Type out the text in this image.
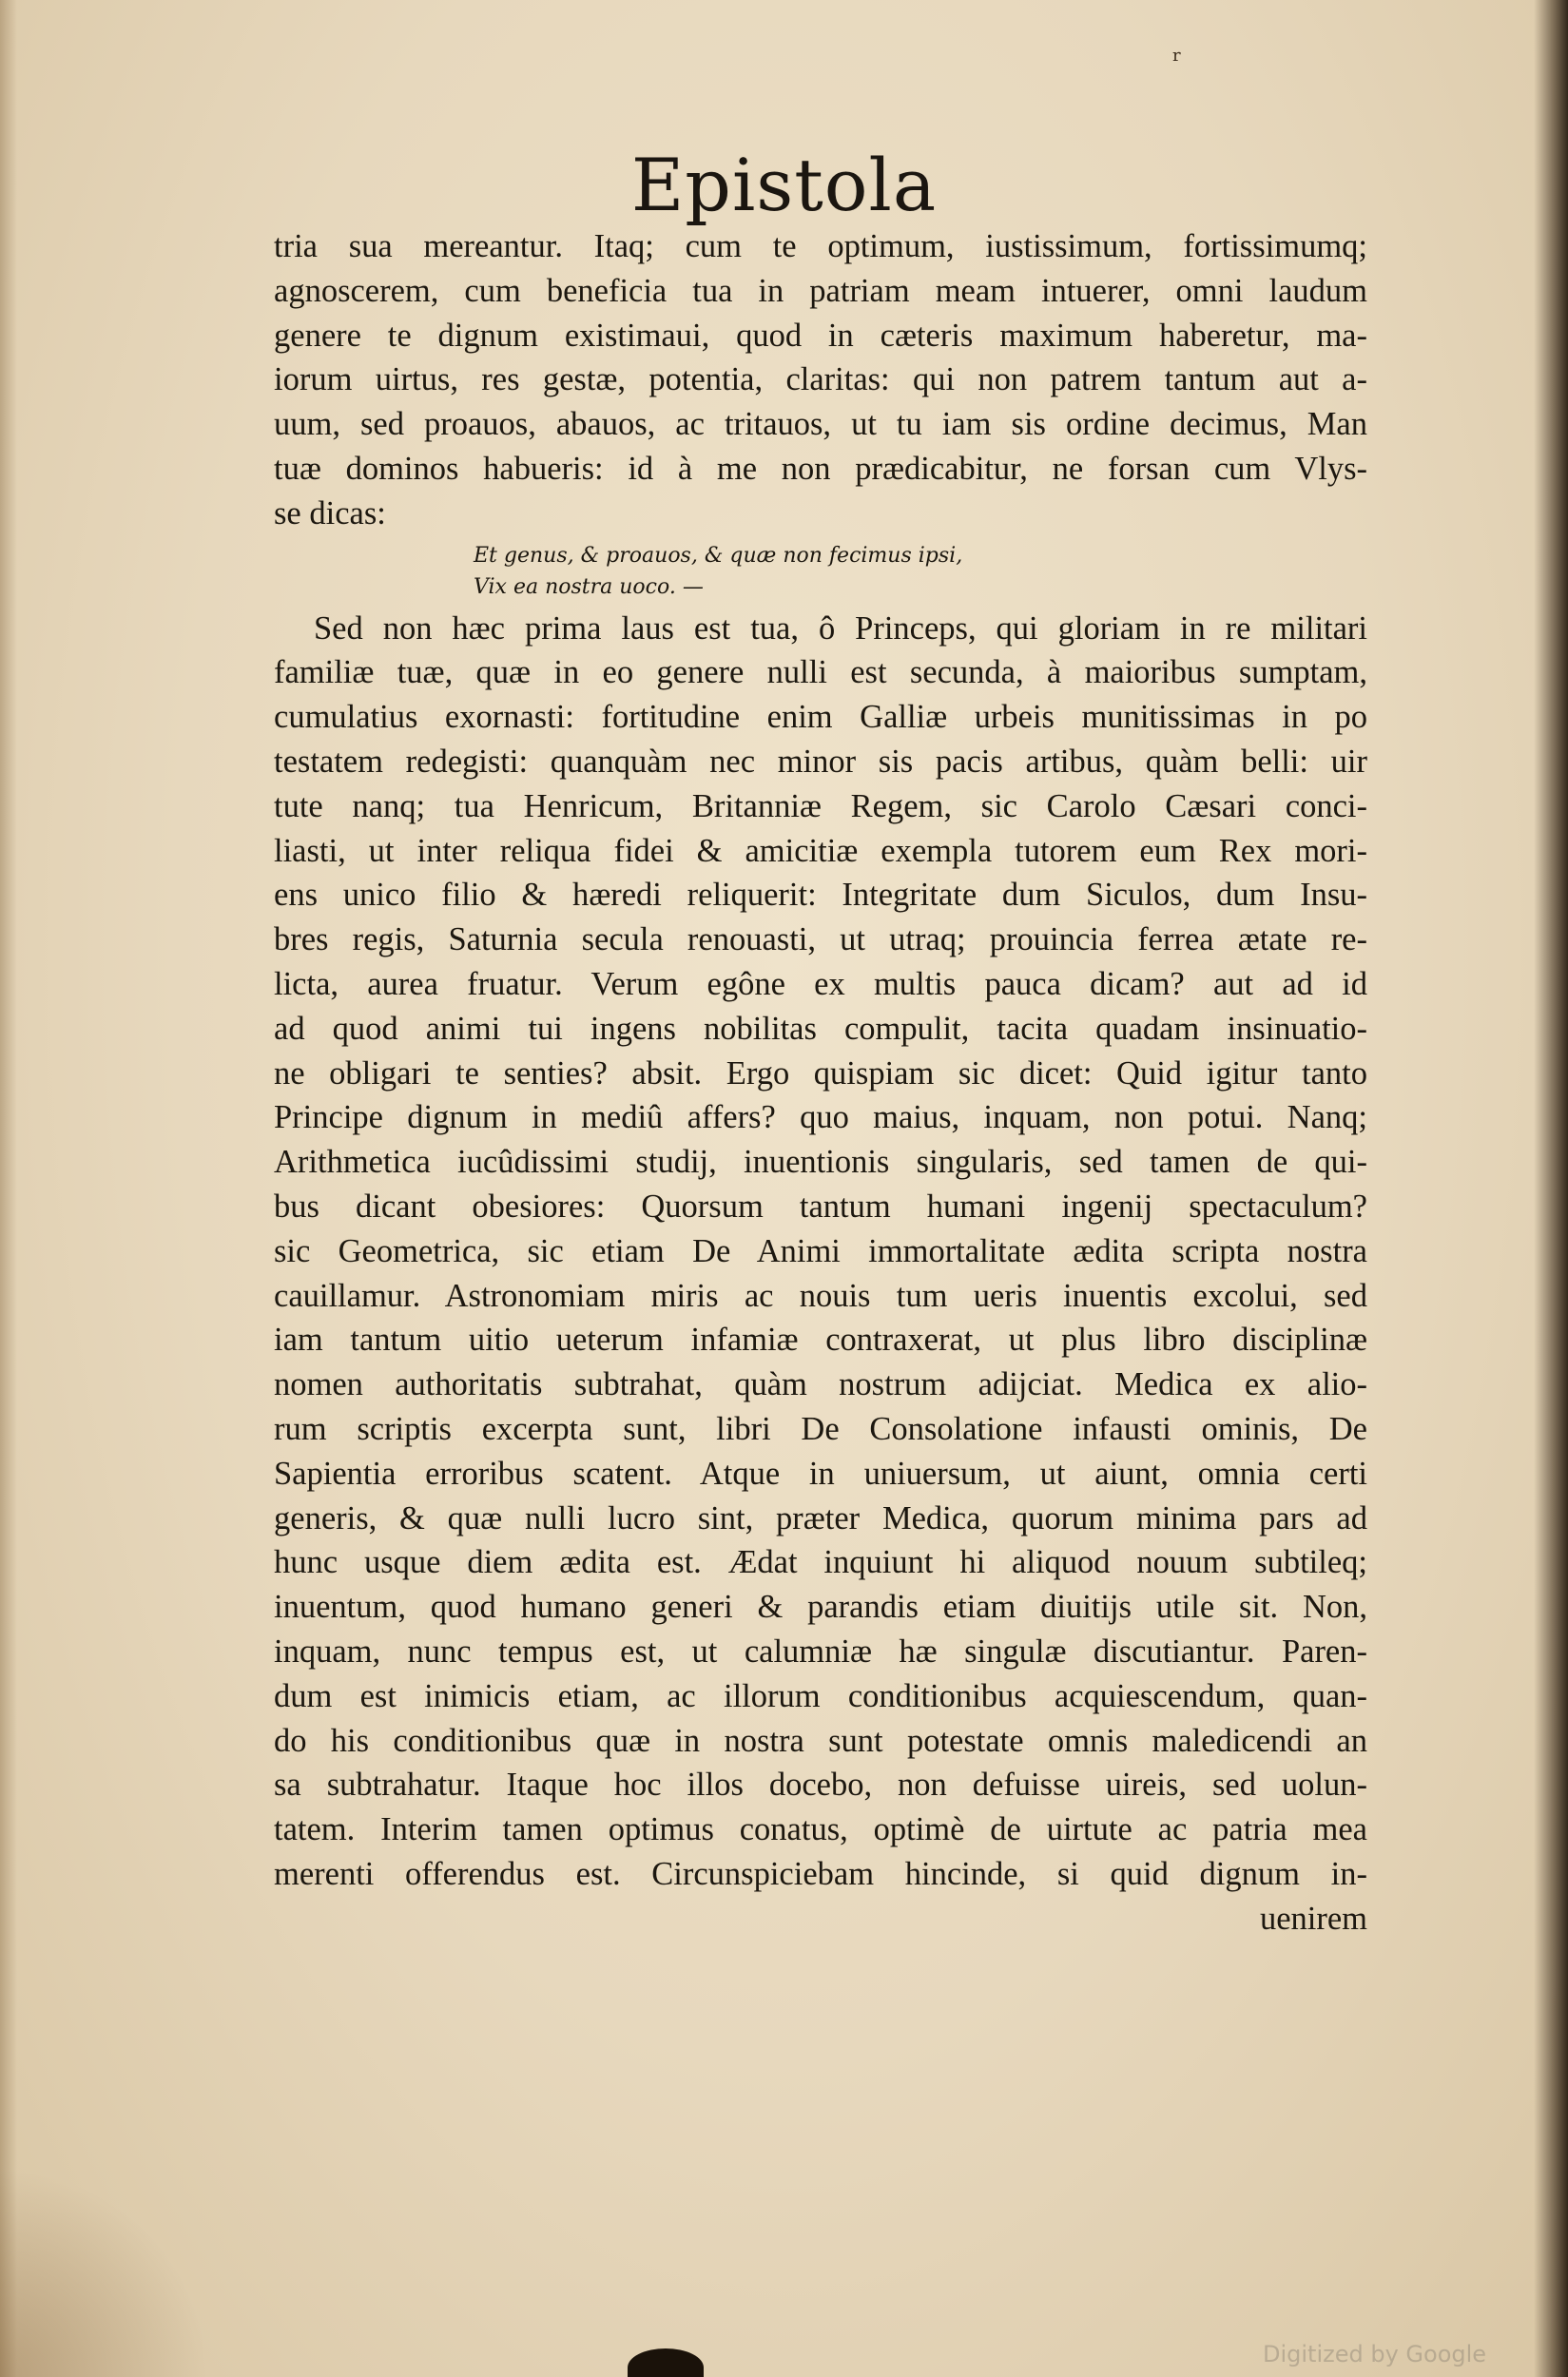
r
Epistola
tria sua mereantur. Itaq; cum te optimum, iustissimum, fortissimumq;
agnoscerem, cum beneficia tua in patriam meam intuerer, omni laudum
genere te dignum existimaui, quod in cæteris maximum haberetur, ma-
iorum uirtus, res gestæ, potentia, claritas: qui non patrem tantum aut a-
uum, sed proauos, abauos, ac tritauos, ut tu iam sis ordine decimus, Man
tuæ dominos habueris: id à me non prædicabitur, ne forsan cum Vlys-
se dicas:
Et genus, & proauos, & quæ non fecimus ipsi,
Vix ea nostra uoco. —
Sed non hæc prima laus est tua, ô Princeps, qui gloriam in re militari
familiæ tuæ, quæ in eo genere nulli est secunda, à maioribus sumptam,
cumulatius exornasti: fortitudine enim Galliæ urbeis munitissimas in po
testatem redegisti: quanquàm nec minor sis pacis artibus, quàm belli: uir
tute nanq; tua Henricum, Britanniæ Regem, sic Carolo Cæsari conci-
liasti, ut inter reliqua fidei & amicitiæ exempla tutorem eum Rex mori-
ens unico filio & hæredi reliquerit: Integritate dum Siculos, dum Insu-
bres regis, Saturnia secula renouasti, ut utraq; prouincia ferrea ætate re-
licta, aurea fruatur. Verum egône ex multis pauca dicam? aut ad id
ad quod animi tui ingens nobilitas compulit, tacita quadam insinuatio-
ne obligari te senties? absit. Ergo quispiam sic dicet: Quid igitur tanto
Principe dignum in mediû affers? quo maius, inquam, non potui. Nanq;
Arithmetica iucûdissimi studij, inuentionis singularis, sed tamen de qui-
bus dicant obesiores: Quorsum tantum humani ingenij spectaculum?
sic Geometrica, sic etiam De Animi immortalitate ædita scripta nostra
cauillamur. Astronomiam miris ac nouis tum ueris inuentis excolui, sed
iam tantum uitio ueterum infamiæ contraxerat, ut plus libro disciplinæ
nomen authoritatis subtrahat, quàm nostrum adijciat. Medica ex alio-
rum scriptis excerpta sunt, libri De Consolatione infausti ominis, De
Sapientia erroribus scatent. Atque in uniuersum, ut aiunt, omnia certi
generis, & quæ nulli lucro sint, præter Medica, quorum minima pars ad
hunc usque diem ædita est. Ædat inquiunt hi aliquod nouum subtileq;
inuentum, quod humano generi & parandis etiam diuitijs utile sit. Non,
inquam, nunc tempus est, ut calumniæ hæ singulæ discutiantur. Paren-
dum est inimicis etiam, ac illorum conditionibus acquiescendum, quan-
do his conditionibus quæ in nostra sunt potestate omnis maledicendi an
sa subtrahatur. Itaque hoc illos docebo, non defuisse uireis, sed uolun-
tatem. Interim tamen optimus conatus, optimè de uirtute ac patria mea
merenti offerendus est. Circunspiciebam hincinde, si quid dignum in-
uenirem
Digitized by Google
